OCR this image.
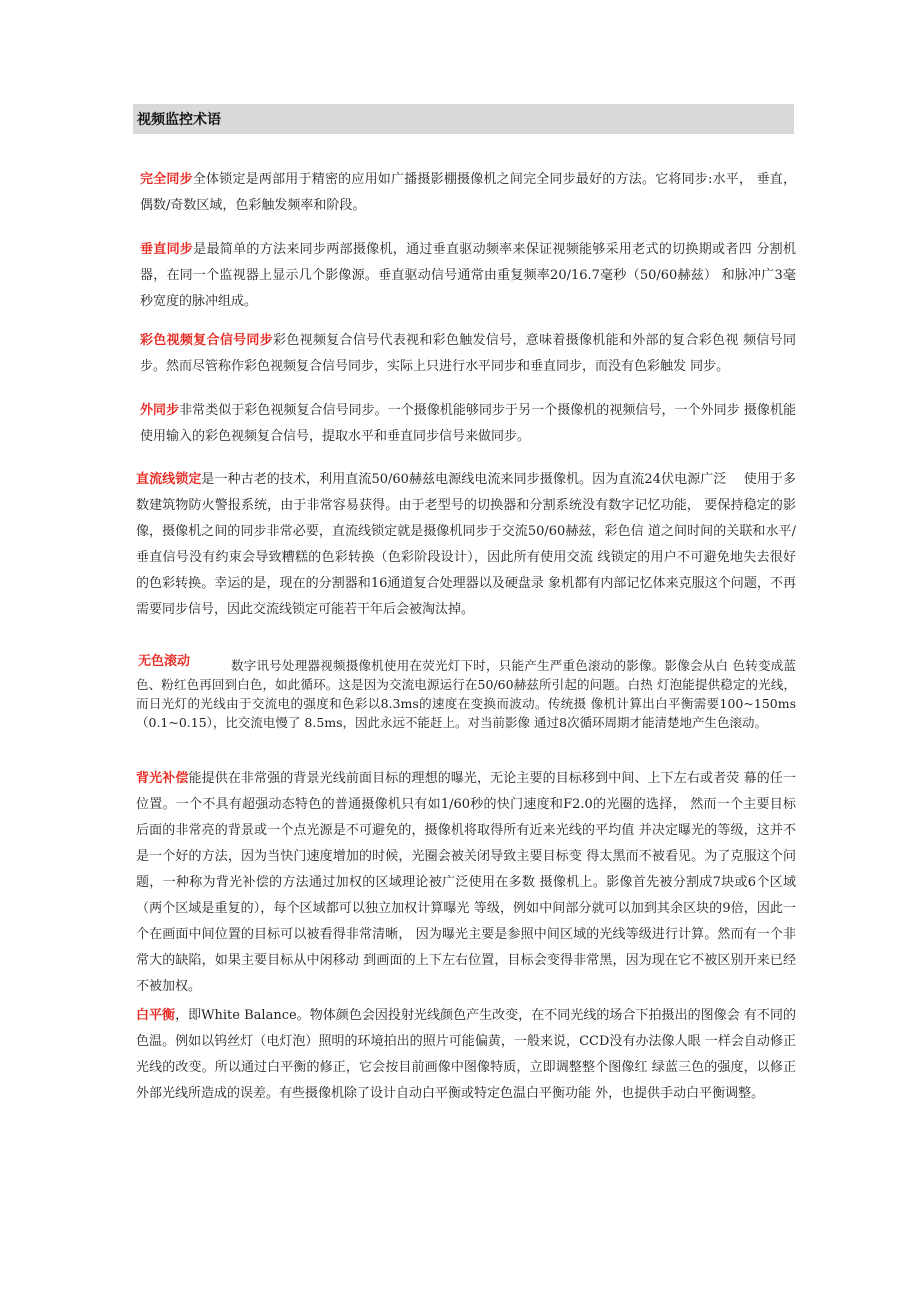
视频监控术语
完全同步全体锁定是两部用于精密的应用如广播摄影棚摄像机之间完全同步最好的方法。它将同步:水平， 垂直，偶数/奇数区域，色彩触发频率和阶段。
垂直同步是最简单的方法来同步两部摄像机，通过垂直驱动频率来保证视频能够采用老式的切换期或者四 分割机器，在同一个监视器上显示几个影像源。垂直驱动信号通常由重复频率20/16.7毫秒（50/60赫兹） 和脉冲广3毫秒宽度的脉冲组成。
彩色视频复合信号同步彩色视频复合信号代表视和彩色触发信号，意味着摄像机能和外部的复合彩色视 频信号同步。然而尽管称作彩色视频复合信号同步，实际上只进行水平同步和垂直同步，而没有色彩触发 同步。
外同步非常类似于彩色视频复合信号同步。一个摄像机能够同步于另一个摄像机的视频信号，一个外同步 摄像机能使用输入的彩色视频复合信号，提取水平和垂直同步信号来做同步。
直流线锁定是一种古老的技术，利用直流50/60赫兹电源线电流来同步摄像机。因为直流24伏电源广泛　 使用于多数建筑物防火警报系统，由于非常容易获得。由于老型号的切换器和分割系统没有数字记忆功能， 要保持稳定的影像，摄像机之间的同步非常必要，直流线锁定就是摄像机同步于交流50/60赫兹，彩色信 道之间时间的关联和水平/垂直信号没有约束会导致糟糕的色彩转换（色彩阶段设计），因此所有使用交流 线锁定的用户不可避免地失去很好的色彩转换。幸运的是，现在的分割器和16通道复合处理器以及硬盘录 象机都有内部记忆体来克服这个问题，不再需要同步信号，因此交流线锁定可能若干年后会被淘汰掉。
无色滚动	数字讯号处理器视频摄像机使用在荧光灯下时，只能产生严重色滚动的影像。影像会从白 色转变成蓝色、粉红色再回到白色，如此循环。这是因为交流电源运行在50/60赫兹所引起的问题。白热 灯泡能提供稳定的光线，而日光灯的光线由于交流电的强度和色彩以8.3ms的速度在变换而波动。传统摄 像机计算出白平衡需要100~150ms（0.1~0.15），比交流电慢了 8.5ms，因此永远不能赶上。对当前影像 通过8次循环周期才能清楚地产生色滚动。
背光补偿能提供在非常强的背景光线前面目标的理想的曝光，无论主要的目标移到中间、上下左右或者荧 幕的任一位置。一个不具有超强动态特色的普通摄像机只有如1/60秒的快门速度和F2.0的光圈的选择， 然而一个主要目标后面的非常亮的背景或一个点光源是不可避免的，摄像机将取得所有近来光线的平均值 并决定曝光的等级，这并不是一个好的方法，因为当快门速度增加的时候，光圈会被关闭导致主要目标变 得太黑而不被看见。为了克服这个问题，一种称为背光补偿的方法通过加权的区域理论被广泛使用在多数 摄像机上。影像首先被分割成7块或6个区域（两个区域是重复的），每个区域都可以独立加权计算曝光 等级，例如中间部分就可以加到其余区块的9倍，因此一个在画面中间位置的目标可以被看得非常清晰， 因为曝光主要是参照中间区域的光线等级进行计算。然而有一个非常大的缺陷，如果主要目标从中闲移动 到画面的上下左右位置，目标会变得非常黑，因为现在它不被区别开来已经不被加权。
白平衡，即White Balance。物体颜色会因投射光线颜色产生改变，在不同光线的场合下拍摄出的图像会 有不同的色温。例如以钨丝灯（电灯泡）照明的环境拍出的照片可能偏黄，一般来说，CCD没有办法像人眼 一样会自动修正光线的改变。所以通过白平衡的修正，它会按目前画像中图像特质，立即调整整个图像红 绿蓝三色的强度，以修正外部光线所造成的误差。有些摄像机除了设计自动白平衡或特定色温白平衡功能 外，也提供手动白平衡调整。
